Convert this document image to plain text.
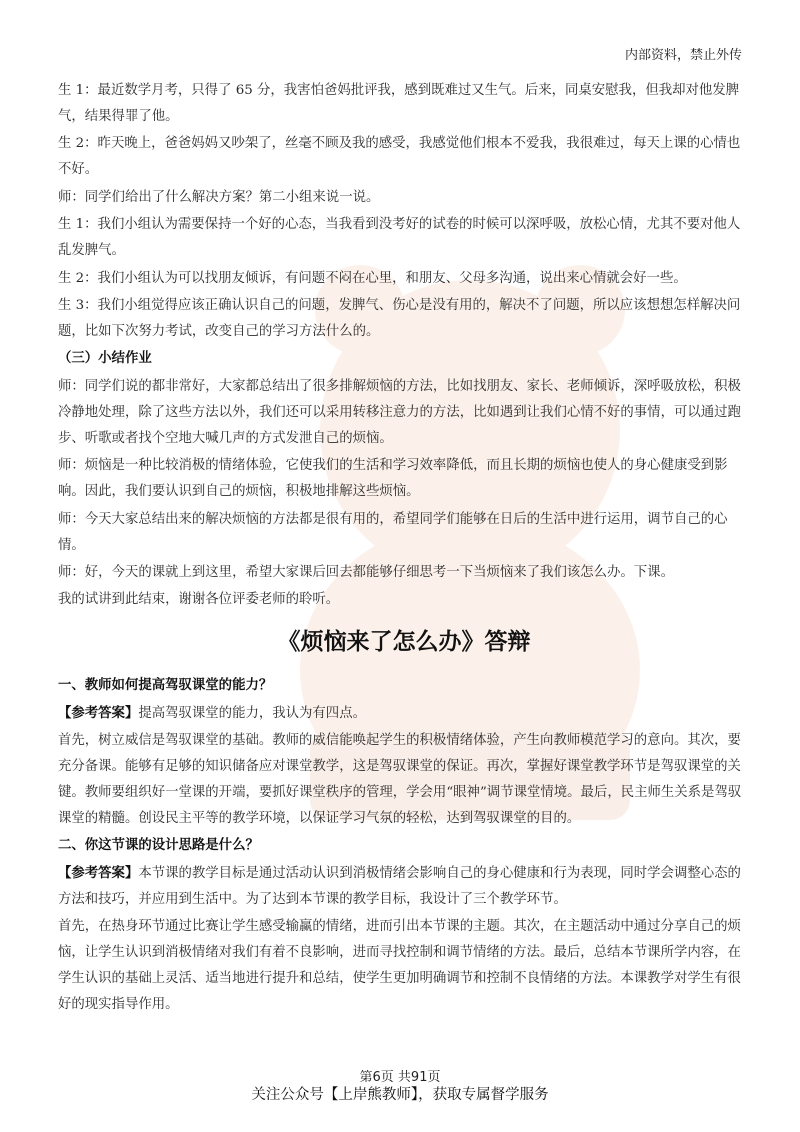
内部资料，禁止外传

生 1：最近数学月考，只得了 65 分，我害怕爸妈批评我，感到既难过又生气。后来，同桌安慰我，但我却对他发脾气，结果得罪了他。

生 2：昨天晚上，爸爸妈妈又吵架了，丝毫不顾及我的感受，我感觉他们根本不爱我，我很难过，每天上课的心情也不好。

师：同学们给出了什么解决方案？第二小组来说一说。

生 1：我们小组认为需要保持一个好的心态，当我看到没考好的试卷的时候可以深呼吸，放松心情，尤其不要对他人乱发脾气。

生 2：我们小组认为可以找朋友倾诉，有问题不闷在心里，和朋友、父母多沟通，说出来心情就会好一些。

生 3：我们小组觉得应该正确认识自己的问题，发脾气、伤心是没有用的，解决不了问题，所以应该想想怎样解决问题，比如下次努力考试，改变自己的学习方法什么的。

（三）小结作业

师：同学们说的都非常好，大家都总结出了很多排解烦恼的方法，比如找朋友、家长、老师倾诉，深呼吸放松，积极冷静地处理，除了这些方法以外，我们还可以采用转移注意力的方法，比如遇到让我们心情不好的事情，可以通过跑步、听歌或者找个空地大喊几声的方式发泄自己的烦恼。

师：烦恼是一种比较消极的情绪体验，它使我们的生活和学习效率降低，而且长期的烦恼也使人的身心健康受到影响。因此，我们要认识到自己的烦恼，积极地排解这些烦恼。

师：今天大家总结出来的解决烦恼的方法都是很有用的，希望同学们能够在日后的生活中进行运用，调节自己的心情。

师：好，今天的课就上到这里，希望大家课后回去都能够仔细思考一下当烦恼来了我们该怎么办。下课。

我的试讲到此结束，谢谢各位评委老师的聆听。

《烦恼来了怎么办》答辩

一、教师如何提高驾驭课堂的能力？

【参考答案】提高驾驭课堂的能力，我认为有四点。

首先，树立威信是驾驭课堂的基础。教师的威信能唤起学生的积极情绪体验，产生向教师模范学习的意向。其次，要充分备课。能够有足够的知识储备应对课堂教学，这是驾驭课堂的保证。再次，掌握好课堂教学环节是驾驭课堂的关键。教师要组织好一堂课的开端，要抓好课堂秩序的管理，学会用“眼神”调节课堂情境。最后，民主师生关系是驾驭课堂的精髓。创设民主平等的教学环境，以保证学习气氛的轻松，达到驾驭课堂的目的。

二、你这节课的设计思路是什么？

【参考答案】本节课的教学目标是通过活动认识到消极情绪会影响自己的身心健康和行为表现，同时学会调整心态的方法和技巧，并应用到生活中。为了达到本节课的教学目标，我设计了三个教学环节。

首先，在热身环节通过比赛让学生感受输赢的情绪，进而引出本节课的主题。其次，在主题活动中通过分享自己的烦恼，让学生认识到消极情绪对我们有着不良影响，进而寻找控制和调节情绪的方法。最后，总结本节课所学内容，在学生认识的基础上灵活、适当地进行提升和总结，使学生更加明确调节和控制不良情绪的方法。本课教学对学生有很好的现实指导作用。

第6页 共91页
关注公众号【上岸熊教师】，获取专属督学服务
